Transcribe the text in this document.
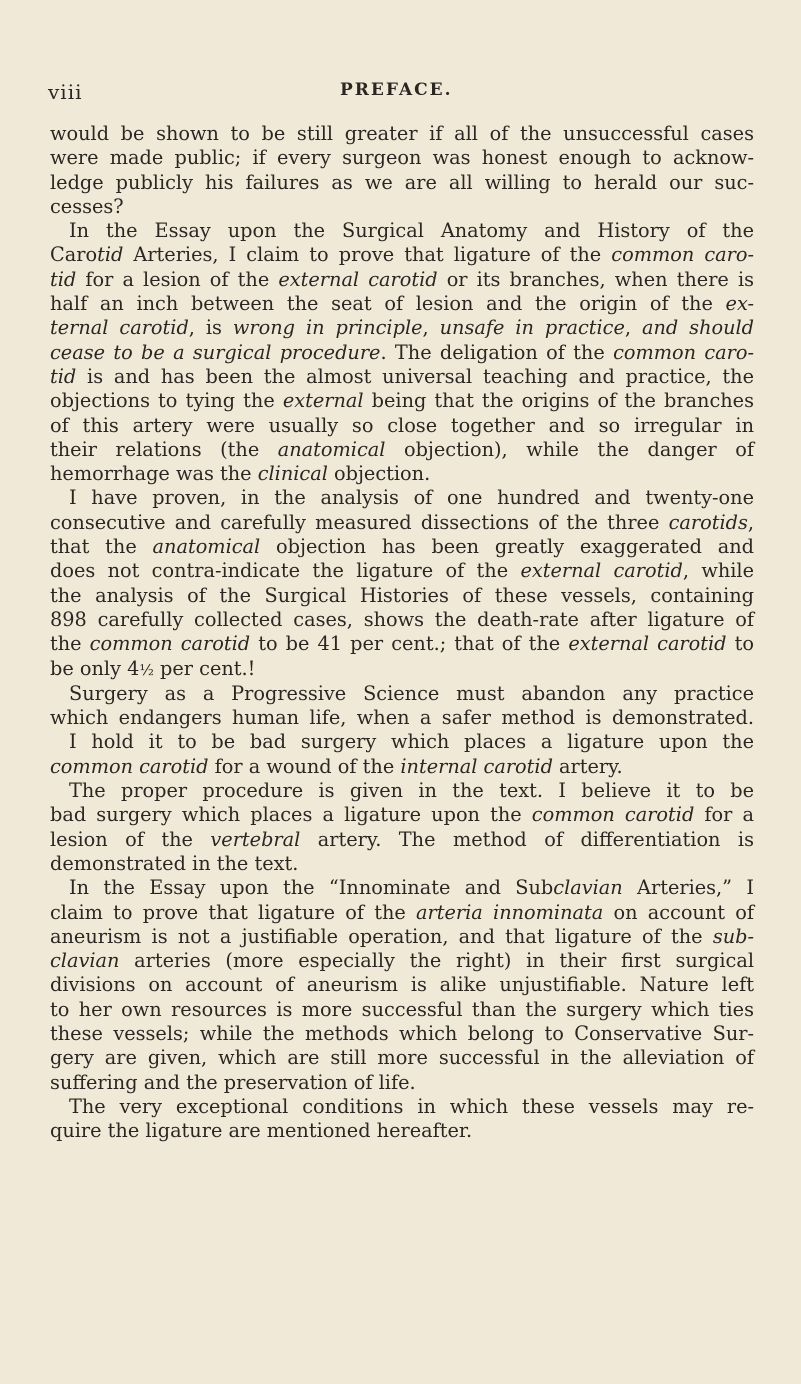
viii	PREFACE.
would be shown to be still greater if all of the unsuccessful cases
were made public; if every surgeon was honest enough to acknow-
ledge publicly his failures as we are all willing to herald our suc-
cesses?
In the Essay upon the Surgical Anatomy and History of the
Carotid Arteries, I claim to prove that ligature of the common caro-
tid for a lesion of the external carotid or its branches, when there is
half an inch between the seat of lesion and the origin of the ex-
ternal carotid, is wrong in principle, unsafe in practice, and should
cease to be a surgical procedure. The deligation of the common caro-
tid is and has been the almost universal teaching and practice, the
objections to tying the external being that the origins of the branches
of this artery were usually so close together and so irregular in
their relations (the anatomical objection), while the danger of
hemorrhage was the clinical objection.
I have proven, in the analysis of one hundred and twenty-one
consecutive and carefully measured dissections of the three carotids,
that the anatomical objection has been greatly exaggerated and
does not contra-indicate the ligature of the external carotid, while
the analysis of the Surgical Histories of these vessels, containing
898 carefully collected cases, shows the death-rate after ligature of
the common carotid to be 41 per cent.; that of the external carotid to
be only 4½ per cent.!
Surgery as a Progressive Science must abandon any practice
which endangers human life, when a safer method is demonstrated.
I hold it to be bad surgery which places a ligature upon the
common carotid for a wound of the internal carotid artery.
The proper procedure is given in the text. I believe it to be
bad surgery which places a ligature upon the common carotid for a
lesion of the vertebral artery. The method of differentiation is
demonstrated in the text.
In the Essay upon the “Innominate and Subclavian Arteries,” I
claim to prove that ligature of the arteria innominata on account of
aneurism is not a justifiable operation, and that ligature of the sub-
clavian arteries (more especially the right) in their first surgical
divisions on account of aneurism is alike unjustifiable. Nature left
to her own resources is more successful than the surgery which ties
these vessels; while the methods which belong to Conservative Sur-
gery are given, which are still more successful in the alleviation of
suffering and the preservation of life.
The very exceptional conditions in which these vessels may re-
quire the ligature are mentioned hereafter.
